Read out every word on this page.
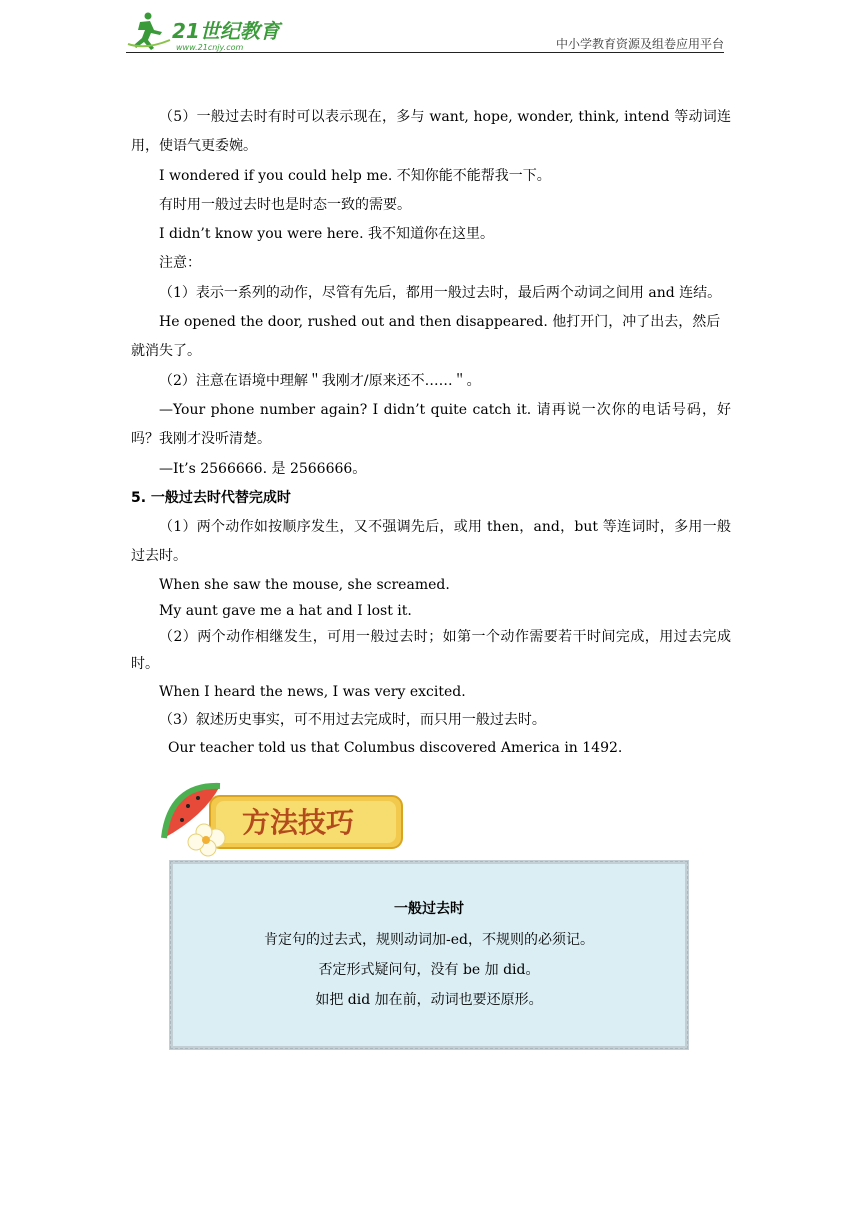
21世纪教育
www.21cnjy.com	中小学教育资源及组卷应用平台

（5）一般过去时有时可以表示现在，多与 want, hope, wonder, think, intend 等动词连用，使语气更委婉。

I wondered if you could help me. 不知你能不能帮我一下。

有时用一般过去时也是时态一致的需要。

I didn’t know you were here. 我不知道你在这里。

注意：

（1）表示一系列的动作，尽管有先后，都用一般过去时，最后两个动词之间用 and 连结。

He opened the door, rushed out and then disappeared. 他打开门，冲了出去，然后就消失了。

（2）注意在语境中理解＂我刚才/原来还不……＂。

—Your phone number again? I didn’t quite catch it. 请再说一次你的电话号码，好吗？我刚才没听清楚。

—It’s 2566666. 是 2566666。

5. 一般过去时代替完成时

（1）两个动作如按顺序发生，又不强调先后，或用 then，and，but 等连词时，多用一般过去时。

When she saw the mouse, she screamed.

My aunt gave me a hat and I lost it.

（2）两个动作相继发生，可用一般过去时；如第一个动作需要若干时间完成，用过去完成时。

When I heard the news, I was very excited.

（3）叙述历史事实，可不用过去完成时，而只用一般过去时。

Our teacher told us that Columbus discovered America in 1492.

方法技巧
一般过去时
肯定句的过去式，规则动词加-ed，不规则的必须记。
否定形式疑问句，没有 be 加 did。
如把 did 加在前，动词也要还原形。
